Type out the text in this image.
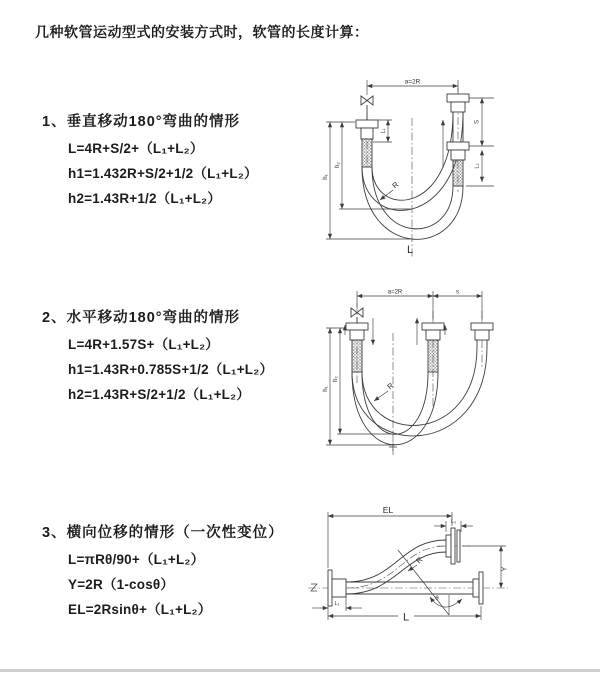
几种软管运动型式的安装方式时，软管的长度计算：
1、垂直移动180°弯曲的情形
L=4R+S/2+（L₁+L₂）
h1=1.432R+S/2+1/2（L₁+L₂）
h2=1.43R+1/2（L₁+L₂）
2、水平移动180°弯曲的情形
L=4R+1.57S+（L₁+L₂）
h1=1.43R+0.785S+1/2（L₁+L₂）
h2=1.43R+S/2+1/2（L₁+L₂）
3、横向位移的情形（一次性变位）
L=πRθ/90+（L₁+L₂）
Y=2R（1-cosθ）
EL=2Rsinθ+（L₁+L₂）
a=2R
h₁
h₂
L₁
S
L₂
R
L
a=2R	s
h₁
h₂
R
EL
L₂
Y
θ
R
L₁
L
